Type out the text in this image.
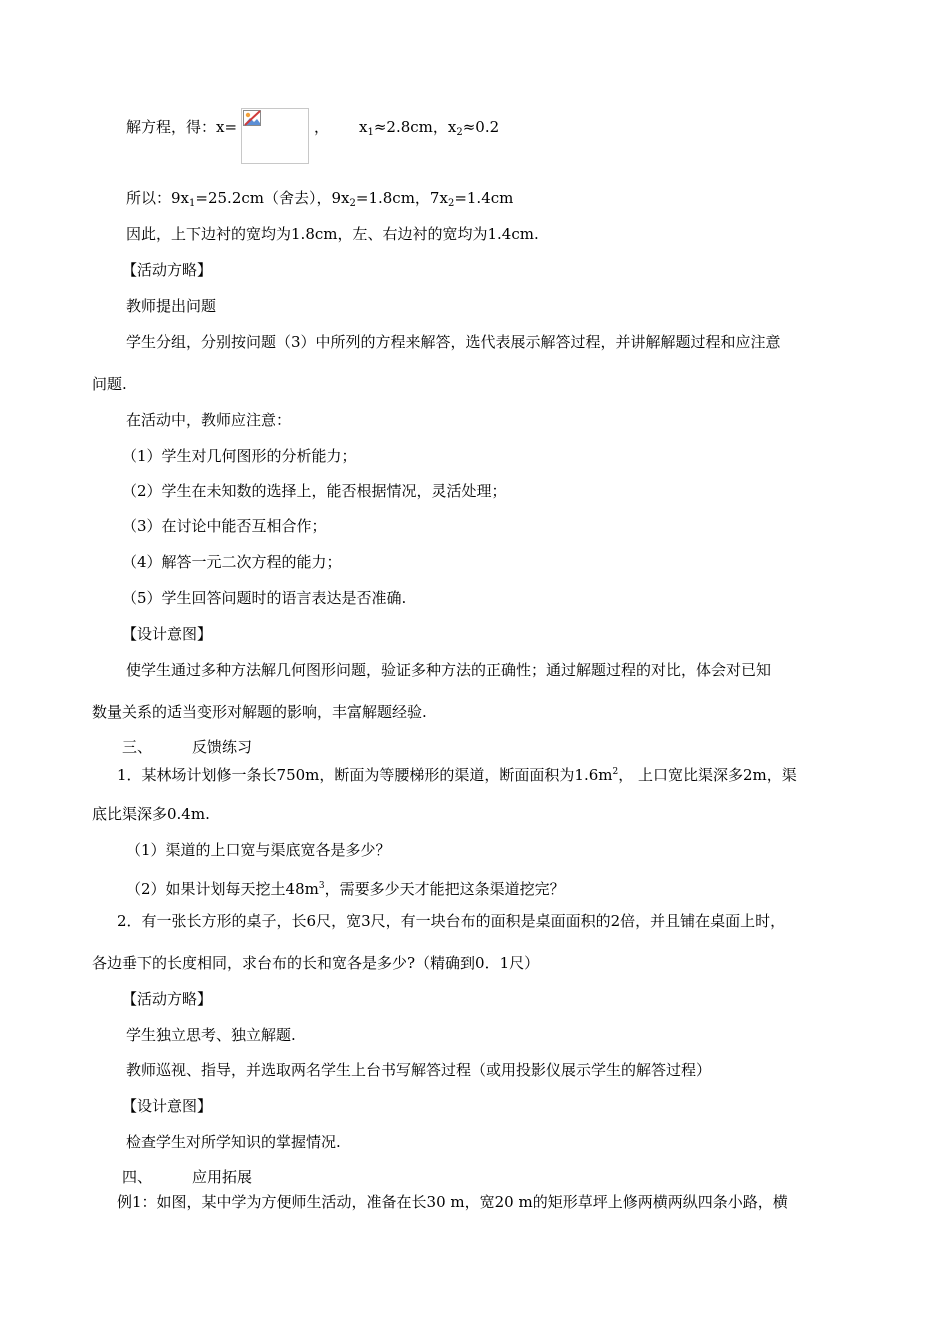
解方程，得：x=	， $x_1\approx 2.8cm$，$x_2\approx 0.2$
所以：$9x_1=25.2cm$（舍去），$9x_2=1.8cm$，$7x_2=1.4cm$
因此，上下边衬的宽均为1.8cm，左、右边衬的宽均为1.4cm.
【活动方略】
教师提出问题
学生分组，分别按问题（3）中所列的方程来解答，选代表展示解答过程，并讲解解题过程和应注意
问题.
在活动中，教师应注意：
（1）学生对几何图形的分析能力；
（2）学生在未知数的选择上，能否根据情况，灵活处理；
（3）在讨论中能否互相合作；
（4）解答一元二次方程的能力；
（5）学生回答问题时的语言表达是否准确.
【设计意图】
使学生通过多种方法解几何图形问题，验证多种方法的正确性；通过解题过程的对比，体会对已知
数量关系的适当变形对解题的影响，丰富解题经验.
三、	反馈练习
1．某林场计划修一条长750m，断面为等腰梯形的渠道，断面面积为$1.6m^2$， 上口宽比渠深多2m，渠
底比渠深多0.4m.
（1）渠道的上口宽与渠底宽各是多少？
（2）如果计划每天挖土$48m^3$，需要多少天才能把这条渠道挖完？
2．有一张长方形的桌子，长6尺，宽3尺，有一块台布的面积是桌面面积的2倍，并且铺在桌面上时，
各边垂下的长度相同，求台布的长和宽各是多少?（精确到0．1尺）
【活动方略】
学生独立思考、独立解题.
教师巡视、指导，并选取两名学生上台书写解答过程（或用投影仪展示学生的解答过程）
【设计意图】
检查学生对所学知识的掌握情况.
四、	应用拓展
例1：如图，某中学为方便师生活动，准备在长30 m，宽20 m的矩形草坪上修两横两纵四条小路，横
